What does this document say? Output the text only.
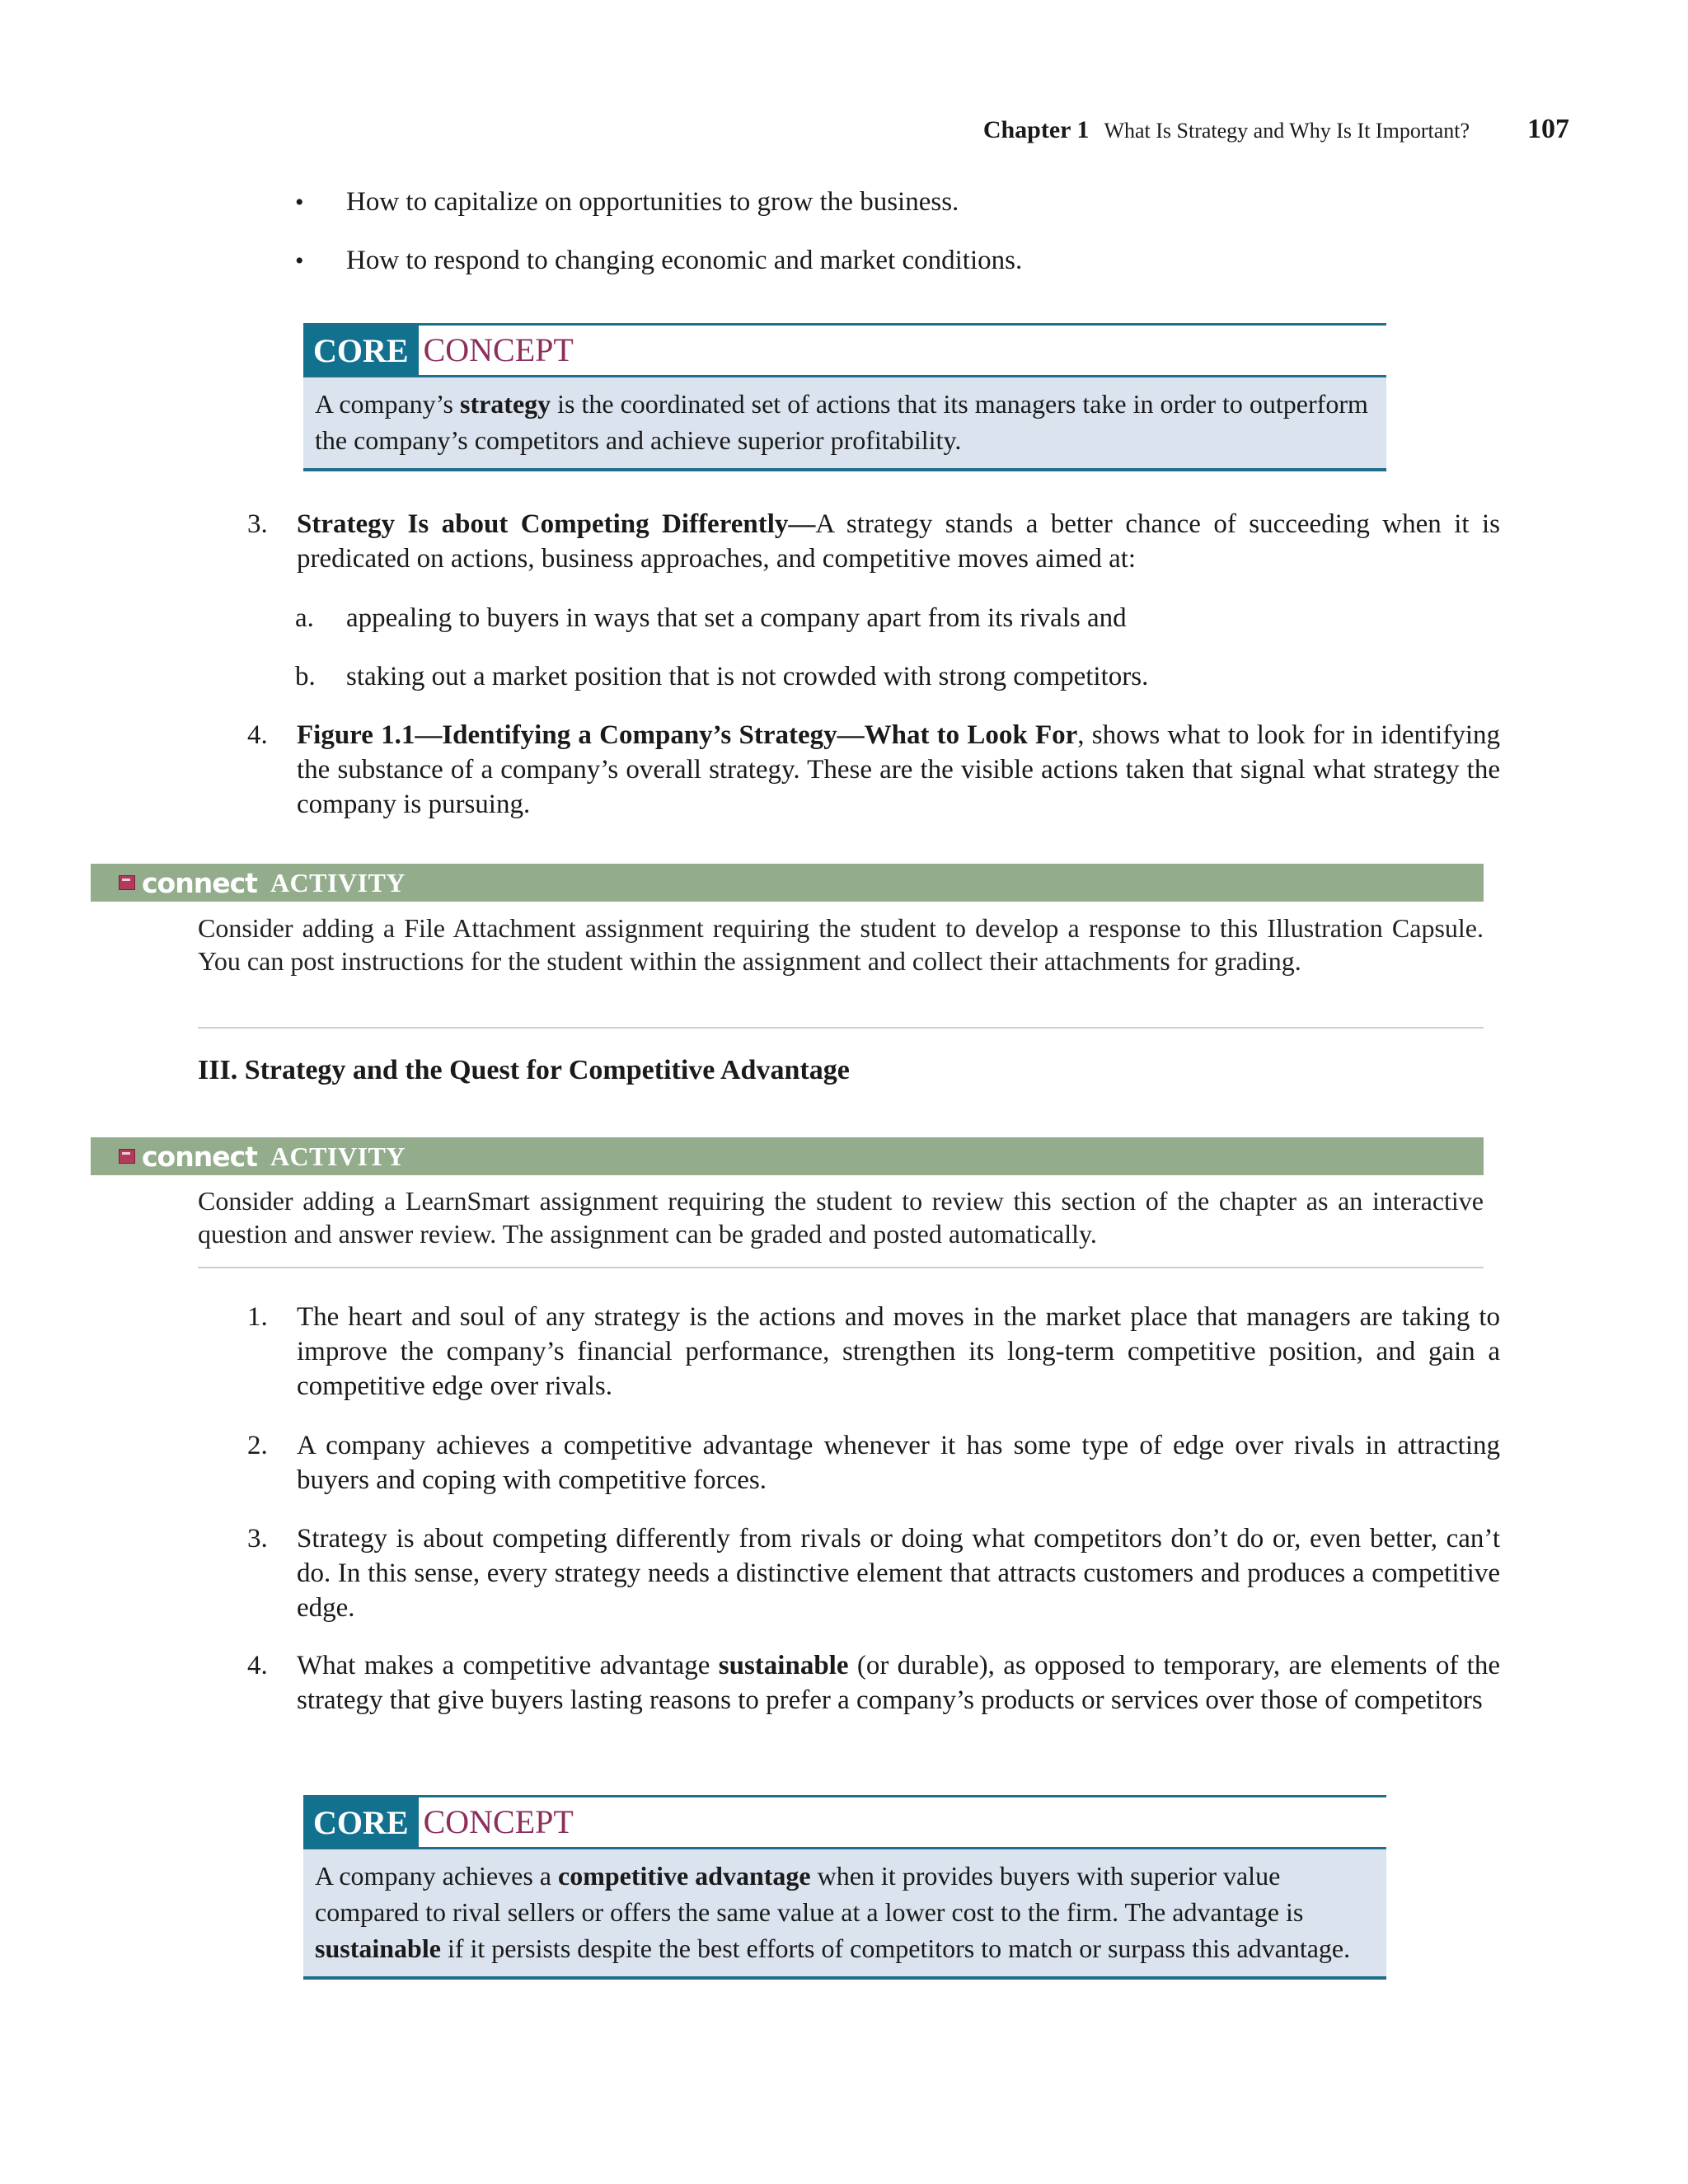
Chapter 1 What Is Strategy and Why Is It Important? 107
•	How to capitalize on opportunities to grow the business.
•	How to respond to changing economic and market conditions.
CORE CONCEPT
A company’s strategy is the coordinated set of actions that its managers take in order to outperform the company’s competitors and achieve superior profitability.
3.	Strategy Is about Competing Differently—A strategy stands a better chance of succeeding when it is predicated on actions, business approaches, and competitive moves aimed at:
a.	appealing to buyers in ways that set a company apart from its rivals and
b.	staking out a market position that is not crowded with strong competitors.
4.	Figure 1.1—Identifying a Company’s Strategy—What to Look For, shows what to look for in identifying the substance of a company’s overall strategy. These are the visible actions taken that signal what strategy the company is pursuing.
connect ACTIVITY
Consider adding a File Attachment assignment requiring the student to develop a response to this Illustration Capsule. You can post instructions for the student within the assignment and collect their attachments for grading.
III. Strategy and the Quest for Competitive Advantage
connect ACTIVITY
Consider adding a LearnSmart assignment requiring the student to review this section of the chapter as an interactive question and answer review. The assignment can be graded and posted automatically.
1.	The heart and soul of any strategy is the actions and moves in the market place that managers are taking to improve the company’s financial performance, strengthen its long-term competitive position, and gain a competitive edge over rivals.
2.	A company achieves a competitive advantage whenever it has some type of edge over rivals in attracting buyers and coping with competitive forces.
3.	Strategy is about competing differently from rivals or doing what competitors don’t do or, even better, can’t do. In this sense, every strategy needs a distinctive element that attracts customers and produces a competitive edge.
4.	What makes a competitive advantage sustainable (or durable), as opposed to temporary, are elements of the strategy that give buyers lasting reasons to prefer a company’s products or services over those of competitors
CORE CONCEPT
A company achieves a competitive advantage when it provides buyers with superior value compared to rival sellers or offers the same value at a lower cost to the firm. The advantage is sustainable if it persists despite the best efforts of competitors to match or surpass this advantage.
